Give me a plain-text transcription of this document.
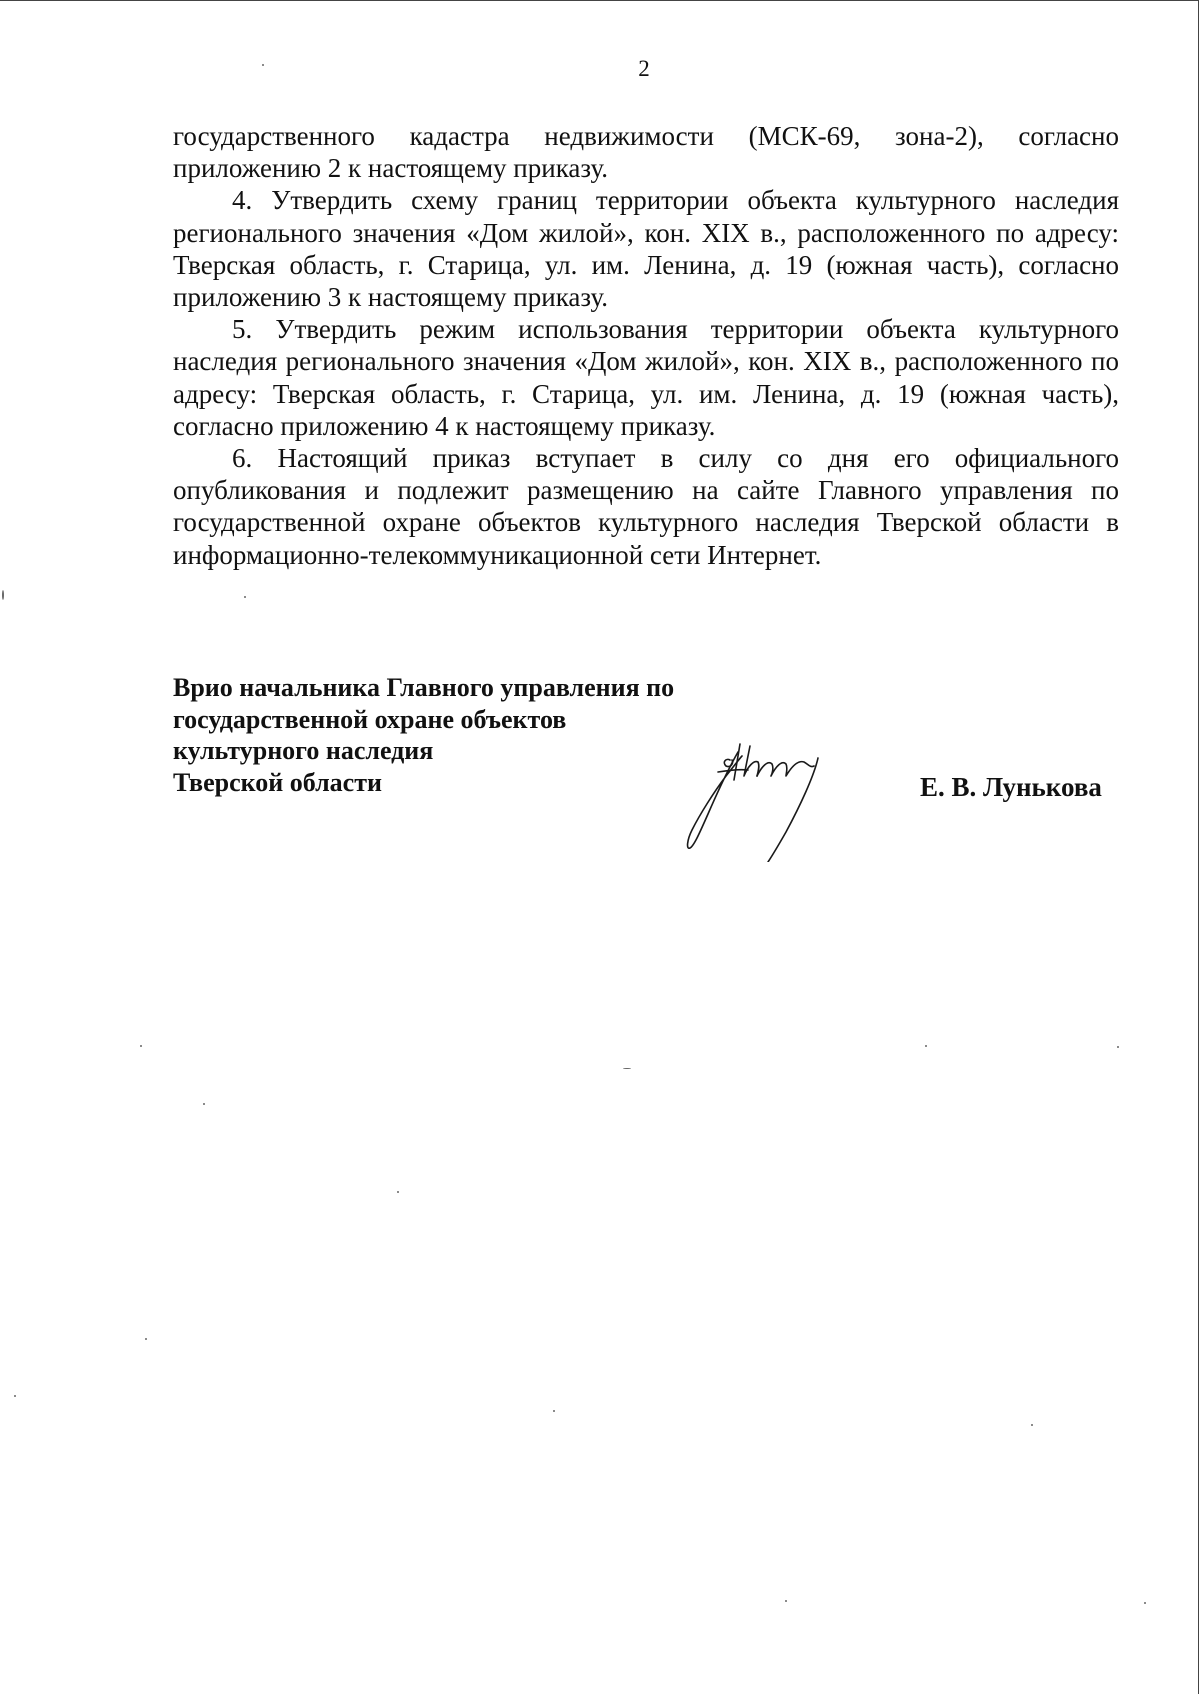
2

государственного кадастра недвижимости (МСК-69, зона-2), согласно приложению 2 к настоящему приказу.

4. Утвердить схему границ территории объекта культурного наследия регионального значения «Дом жилой», кон. XIX в., расположенного по адресу: Тверская область, г. Старица, ул. им. Ленина, д. 19 (южная часть), согласно приложению 3 к настоящему приказу.

5. Утвердить режим использования территории объекта культурного наследия регионального значения «Дом жилой», кон. XIX в., расположенного по адресу: Тверская область, г. Старица, ул. им. Ленина, д. 19 (южная часть), согласно приложению 4 к настоящему приказу.

6. Настоящий приказ вступает в силу со дня его официального опубликования и подлежит размещению на сайте Главного управления по государственной охране объектов культурного наследия Тверской области в информационно-телекоммуникационной сети Интернет.

Врио начальника Главного управления по
государственной охране объектов
культурного наследия
Тверской области	Е. В. Лунькова
